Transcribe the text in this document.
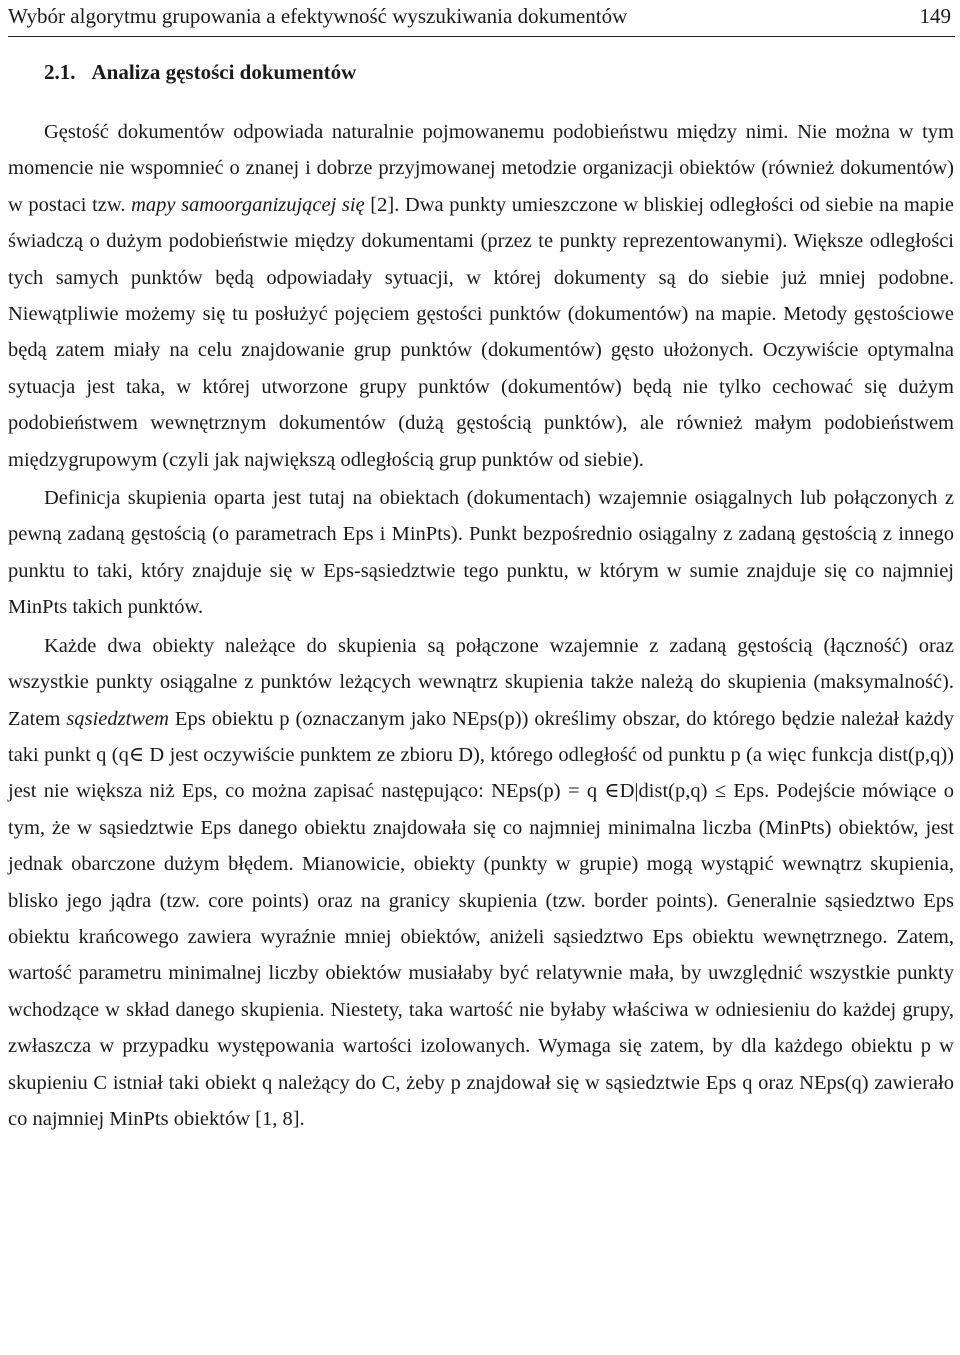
Wybór algorytmu grupowania a efektywność wyszukiwania dokumentów	149
2.1. Analiza gęstości dokumentów

Gęstość dokumentów odpowiada naturalnie pojmowanemu podobieństwu między nimi. Nie można w tym momencie nie wspomnieć o znanej i dobrze przyjmowanej metodzie organizacji obiektów (również dokumentów) w postaci tzw. mapy samoorganizującej się [2]. Dwa punkty umieszczone w bliskiej odległości od siebie na mapie świadczą o dużym podobieństwie między dokumentami (przez te punkty reprezentowanymi). Większe odległości tych samych punktów będą odpowiadały sytuacji, w której dokumenty są do siebie już mniej podobne. Niewątpliwie możemy się tu posłużyć pojęciem gęstości punktów (dokumentów) na mapie. Metody gęstościowe będą zatem miały na celu znajdowanie grup punktów (dokumentów) gęsto ułożonych. Oczywiście optymalna sytuacja jest taka, w której utworzone grupy punktów (dokumentów) będą nie tylko cechować się dużym podobieństwem wewnętrznym dokumentów (dużą gęstością punktów), ale również małym podobieństwem międzygrupowym (czyli jak największą odległością grup punktów od siebie).

Definicja skupienia oparta jest tutaj na obiektach (dokumentach) wzajemnie osiągalnych lub połączonych z pewną zadaną gęstością (o parametrach Eps i MinPts). Punkt bezpośrednio osiągalny z zadaną gęstością z innego punktu to taki, który znajduje się w Eps-sąsiedztwie tego punktu, w którym w sumie znajduje się co najmniej MinPts takich punktów.

Każde dwa obiekty należące do skupienia są połączone wzajemnie z zadaną gęstością (łączność) oraz wszystkie punkty osiągalne z punktów leżących wewnątrz skupienia także należą do skupienia (maksymalność). Zatem sąsiedztwem Eps obiektu p (oznaczanym jako NEps(p)) określimy obszar, do którego będzie należał każdy taki punkt q (q∈ D jest oczywiście punktem ze zbioru D), którego odległość od punktu p (a więc funkcja dist(p,q)) jest nie większa niż Eps, co można zapisać następująco: NEps(p) = q ∈D|dist(p,q) ≤ Eps. Podejście mówiące o tym, że w sąsiedztwie Eps danego obiektu znajdowała się co najmniej minimalna liczba (MinPts) obiektów, jest jednak obarczone dużym błędem. Mianowicie, obiekty (punkty w grupie) mogą wystąpić wewnątrz skupienia, blisko jego jądra (tzw. core points) oraz na granicy skupienia (tzw. border points). Generalnie sąsiedztwo Eps obiektu krańcowego zawiera wyraźnie mniej obiektów, aniżeli sąsiedztwo Eps obiektu wewnętrznego. Zatem, wartość parametru minimalnej liczby obiektów musiałaby być relatywnie mała, by uwzględnić wszystkie punkty wchodzące w skład danego skupienia. Niestety, taka wartość nie byłaby właściwa w odniesieniu do każdej grupy, zwłaszcza w przypadku występowania wartości izolowanych. Wymaga się zatem, by dla każdego obiektu p w skupieniu C istniał taki obiekt q należący do C, żeby p znajdował się w sąsiedztwie Eps q oraz NEps(q) zawierało co najmniej MinPts obiektów [1, 8].
